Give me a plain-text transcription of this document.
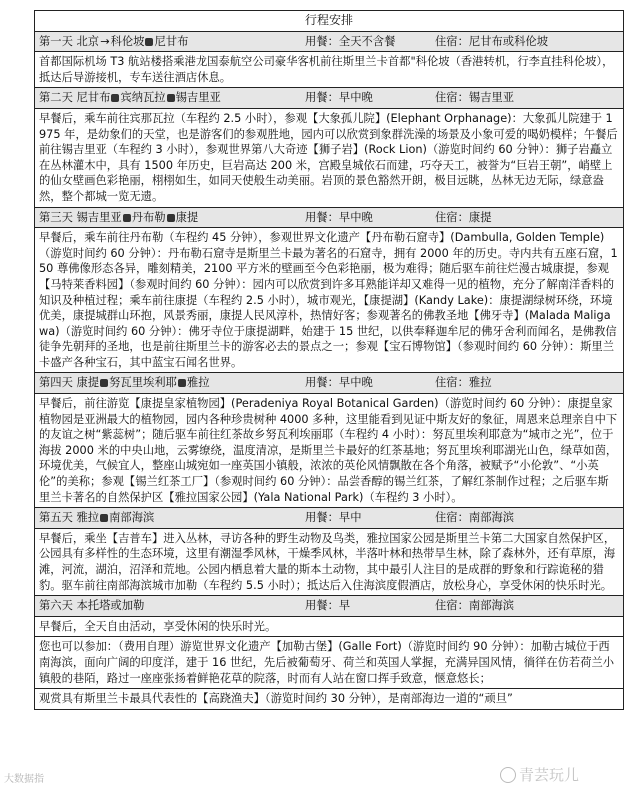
行程安排

第一天 北京→科伦坡 尼甘布	用餐：全天不含餐	住宿：尼甘布或科伦坡

首都国际机场 T3 航站楼搭乘港龙国泰航空公司豪华客机前往斯里兰卡首都"科伦坡（香港转机，行李直挂科伦坡），抵达后导游接机，专车送往酒店休息。

第二天 尼甘布 宾纳瓦拉 锡吉里亚	用餐：早中晚	住宿：锡吉里亚

早餐后，乘车前往宾那瓦拉（车程约 2.5 小时），参观【大象孤儿院】(Elephant Orphanage)：大象孤儿院建于 1975 年，是幼象们的天堂，也是游客们的参观胜地，园内可以欣赏到象群洗澡的场景及小象可爱的喝奶模样；午餐后前往锡吉里亚（车程约 3 小时），参观世界第八大奇迹【狮子岩】(Rock Lion)（游览时间约 60 分钟）：狮子岩矗立在丛林灌木中，具有 1500 年历史，巨岩高达 200 米，宫殿皇城依石而建，巧夺天工，被誉为“巨岩王朝”，峭壁上的仙女壁画色彩艳丽，栩栩如生，如同天使般生动美丽。岩顶的景色豁然开朗，极目远眺，丛林无边无际，绿意盎然，整个都城一览无遗。

第三天 锡吉里亚 丹布勒 康提	用餐：早中晚	住宿：康提

早餐后，乘车前往丹布勒（车程约 45 分钟），参观世界文化遗产【丹布勒石窟寺】(Dambulla, Golden Temple)（游览时间约 60 分钟）：丹布勒石窟寺是斯里兰卡最为著名的石窟寺，拥有 2000 年的历史。寺内共有五座石窟，150 尊佛像形态各异，雕刻精美，2100 平方米的壁画至今色彩艳丽，极为难得；随后驱车前往烂漫古城康提，参观【马特莱香料园】（参观时间约 60 分钟）：园内可以欣赏到许多耳熟能详却又难得一见的植物，充分了解南洋香料的知识及种植过程；乘车前往康提（车程约 2.5 小时），城市观光，【康提湖】(Kandy Lake)：康提湖绿树环绕，环境优美，康提城群山环抱，风景秀丽，康提人民风淳朴，热情好客；参观著名的佛教圣地【佛牙寺】(Malada Maligawa)（游览时间约 60 分钟）：佛牙寺位于康提湖畔，始建于 15 世纪，以供奉释迦牟尼的佛牙舍利而闻名，是佛教信徒争先朝拜的圣地，也是前往斯里兰卡的游客必去的景点之一；参观【宝石博物馆】（参观时间约 60 分钟）：斯里兰卡盛产各种宝石，其中蓝宝石闻名世界。

第四天 康提 努瓦里埃利耶 雅拉	用餐：早中晚	住宿：雅拉

早餐后，前往游览【康提皇家植物园】(Peradeniya Royal Botanical Garden)（游览时间约 60 分钟）：康提皇家植物园是亚洲最大的植物园，园内各种珍贵树种 4000 多种，这里能看到见证中斯友好的象征，周恩来总理亲自中下的友谊之树“紫蕊树”；随后驱车前往红茶故乡努瓦利埃丽耶（车程约 4 小时）：努瓦里埃利耶意为“城市之光”，位于海拔 2000 米的中央山地，云雾缭绕，温度清凉，是斯里兰卡最好的红茶基地；努瓦里埃利耶湖光山色，绿草如茵，环境优美，气候宜人，整座山城宛如一座英国小镇般，浓浓的英伦风情飘散在各个角落，被赋予“小伦敦”、“小英伦”的美称；参观【锡兰红茶工厂】（参观时间约 60 分钟）：品尝香醇的锡兰红茶，了解红茶制作过程；之后驱车斯里兰卡著名的自然保护区【雅拉国家公园】(Yala National Park)（车程约 3 小时）。

第五天 雅拉 南部海滨	用餐：早中	住宿：南部海滨

早餐后，乘坐【吉普车】进入丛林，寻访各种的野生动物及鸟类，雅拉国家公园是斯里兰卡第二大国家自然保护区，公园具有多样性的生态环境，这里有潮湿季风林，干燥季风林，半落叶林和热带旱生林，除了森林外，还有草原，海滩，河流，湖泊，沼泽和荒地。公园内栖息着大量的斯本土动物，其中最引人注目的是成群的野象和行踪诡秘的猎豹。驱车前往南部海滨城市加勒（车程约 5.5 小时）；抵达后入住海滨度假酒店，放松身心，享受休闲的快乐时光。

第六天 本托塔或加勒	用餐：早	住宿：南部海滨

早餐后，全天自由活动，享受休闲的快乐时光。
您也可以参加：（费用自理）游览世界文化遗产【加勒古堡】(Galle Fort)（游览时间约 90 分钟）：加勒古城位于西南海滨，面向广阔的印度洋，建于 16 世纪，先后被葡萄牙、荷兰和英国人掌握，充满异国风情，徜徉在仿若荷兰小镇般的巷陌，路过一座座张扬着鲜艳花草的院落，时而有人站在窗口挥手致意，惬意悠长；
观赏具有斯里兰卡最具代表性的【高跷渔夫】（游览时间约 30 分钟），是南部海边一道的“顽旦”
大数据指	青芸玩儿
